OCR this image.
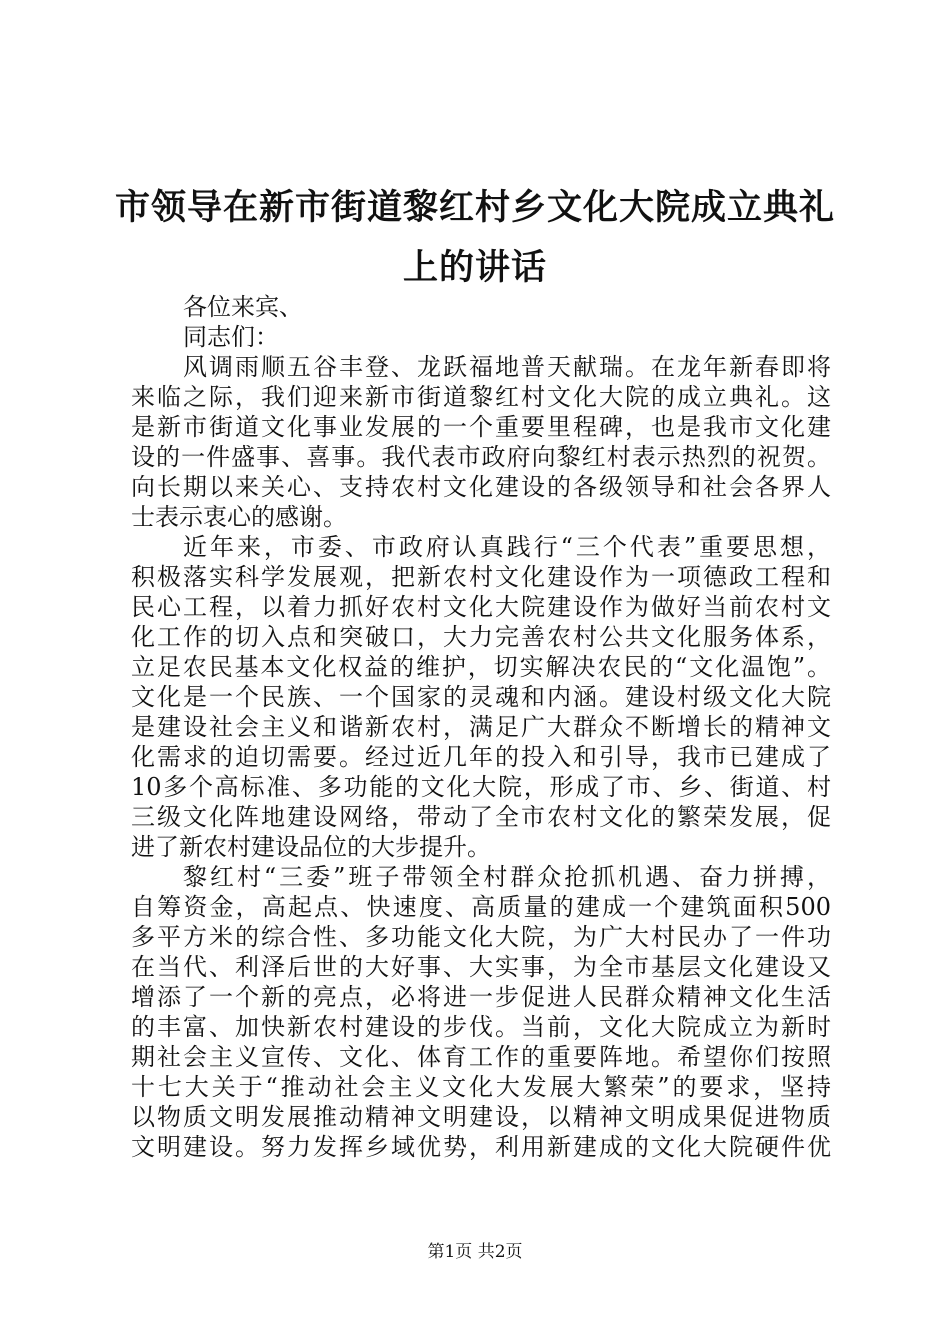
市领导在新市街道黎红村乡文化大院成立典礼
上的讲话
各位来宾、
同志们：
风调雨顺五谷丰登、龙跃福地普天献瑞。在龙年新春即将
来临之际，我们迎来新市街道黎红村文化大院的成立典礼。这
是新市街道文化事业发展的一个重要里程碑，也是我市文化建
设的一件盛事、喜事。我代表市政府向黎红村表示热烈的祝贺。
向长期以来关心、支持农村文化建设的各级领导和社会各界人
士表示衷心的感谢。
近年来，市委、市政府认真践行“三个代表”重要思想，
积极落实科学发展观，把新农村文化建设作为一项德政工程和
民心工程，以着力抓好农村文化大院建设作为做好当前农村文
化工作的切入点和突破口，大力完善农村公共文化服务体系，
立足农民基本文化权益的维护，切实解决农民的“文化温饱”。
文化是一个民族、一个国家的灵魂和内涵。建设村级文化大院
是建设社会主义和谐新农村，满足广大群众不断增长的精神文
化需求的迫切需要。经过近几年的投入和引导，我市已建成了
10多个高标准、多功能的文化大院，形成了市、乡、街道、村
三级文化阵地建设网络，带动了全市农村文化的繁荣发展，促
进了新农村建设品位的大步提升。
黎红村“三委”班子带领全村群众抢抓机遇、奋力拼搏，
自筹资金，高起点、快速度、高质量的建成一个建筑面积500
多平方米的综合性、多功能文化大院，为广大村民办了一件功
在当代、利泽后世的大好事、大实事，为全市基层文化建设又
增添了一个新的亮点，必将进一步促进人民群众精神文化生活
的丰富、加快新农村建设的步伐。当前，文化大院成立为新时
期社会主义宣传、文化、体育工作的重要阵地。希望你们按照
十七大关于“推动社会主义文化大发展大繁荣”的要求，坚持
以物质文明发展推动精神文明建设，以精神文明成果促进物质
文明建设。努力发挥乡域优势，利用新建成的文化大院硬件优
第1页 共2页
